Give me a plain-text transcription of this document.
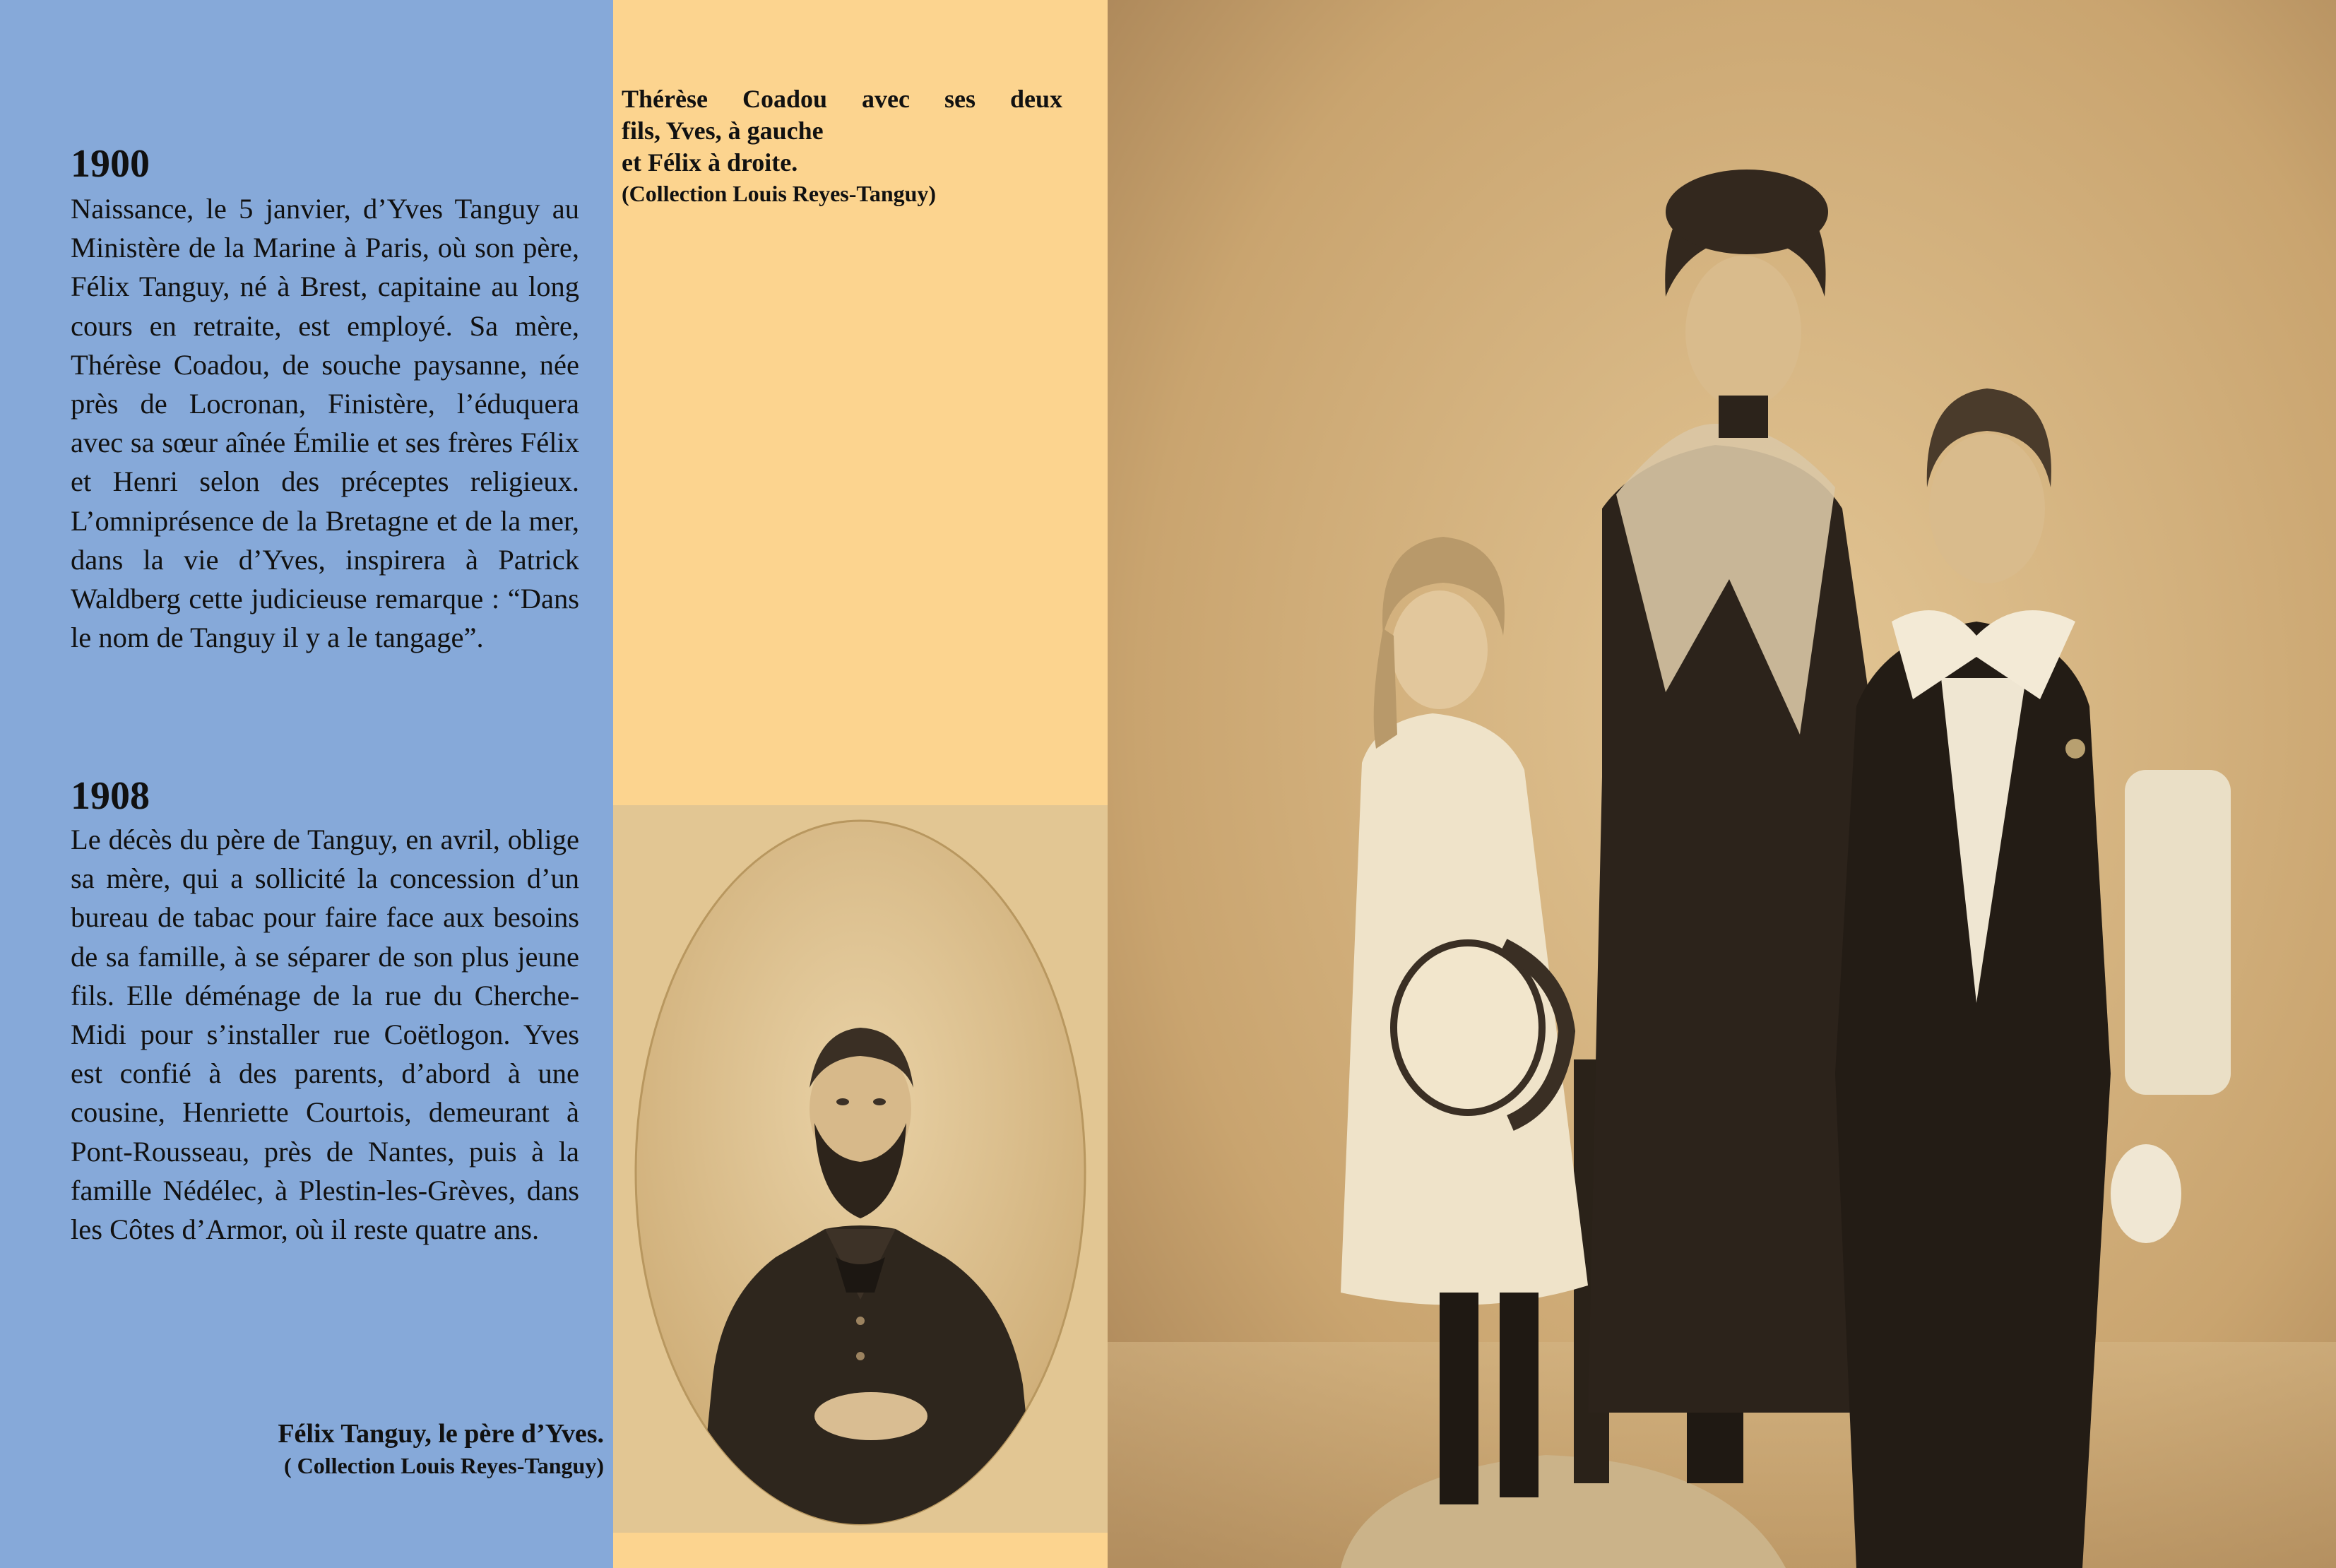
1900

Naissance, le 5 janvier, d’Yves Tanguy au Ministère de la Marine à Paris, où son père, Félix Tanguy, né à Brest, capitaine au long cours en retraite, est employé. Sa mère, Thérèse Coadou, de souche paysanne, née près de Locronan, Finistère, l’éduquera avec sa sœur aînée Émilie et ses frères Félix et Henri selon des préceptes religieux. L’omniprésence de la Bretagne et de la mer, dans la vie d’Yves, inspirera à Patrick Waldberg cette judicieuse remarque : “Dans le nom de Tanguy il y a le tangage”.

1908

Le décès du père de Tanguy, en avril, oblige sa mère, qui a sollicité la concession d’un bureau de tabac pour faire face aux besoins de sa famille, à se séparer de son plus jeune fils. Elle déménage de la rue du Cherche-Midi pour s’installer rue Coëtlogon. Yves est confié à des parents, d’abord à une cousine, Henriette Courtois, demeurant à Pont-Rousseau, près de Nantes, puis à la famille Nédélec, à Plestin-les-Grèves, dans les Côtes d’Armor, où il reste quatre ans.

Thérèse Coadou avec ses deux
fils, Yves, à gauche
et Félix à droite.
(Collection Louis Reyes-Tanguy)
Félix Tanguy, le père d’Yves.
( Collection Louis Reyes-Tanguy)
